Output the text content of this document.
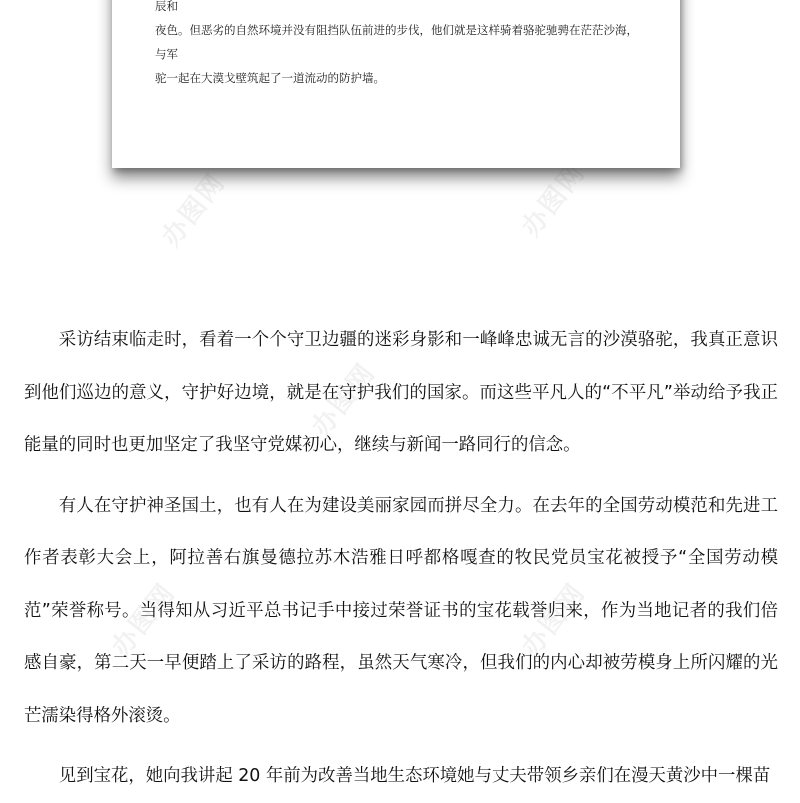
办图网	办图网
办图网
办图网	办图网
辰和
夜色。但恶劣的自然环境并没有阻挡队伍前进的步伐，他们就是这样骑着骆驼驰骋在茫茫沙海，与军
驼一起在大漠戈壁筑起了一道流动的防护墙。

采访结束临走时，看着一个个守卫边疆的迷彩身影和一峰峰忠诚无言的沙漠骆驼，我真正意识到他们巡边的意义，守护好边境，就是在守护我们的国家。而这些平凡人的“不平凡”举动给予我正能量的同时也更加坚定了我坚守党媒初心，继续与新闻一路同行的信念。

有人在守护神圣国土，也有人在为建设美丽家园而拼尽全力。在去年的全国劳动模范和先进工作者表彰大会上，阿拉善右旗曼德拉苏木浩雅日呼都格嘎查的牧民党员宝花被授予“全国劳动模范”荣誉称号。当得知从习近平总书记手中接过荣誉证书的宝花载誉归来，作为当地记者的我们倍感自豪，第二天一早便踏上了采访的路程，虽然天气寒冷，但我们的内心却被劳模身上所闪耀的光芒濡染得格外滚烫。

见到宝花，她向我讲起 20 年前为改善当地生态环境她与丈夫带领乡亲们在漫天黄沙中一棵苗
